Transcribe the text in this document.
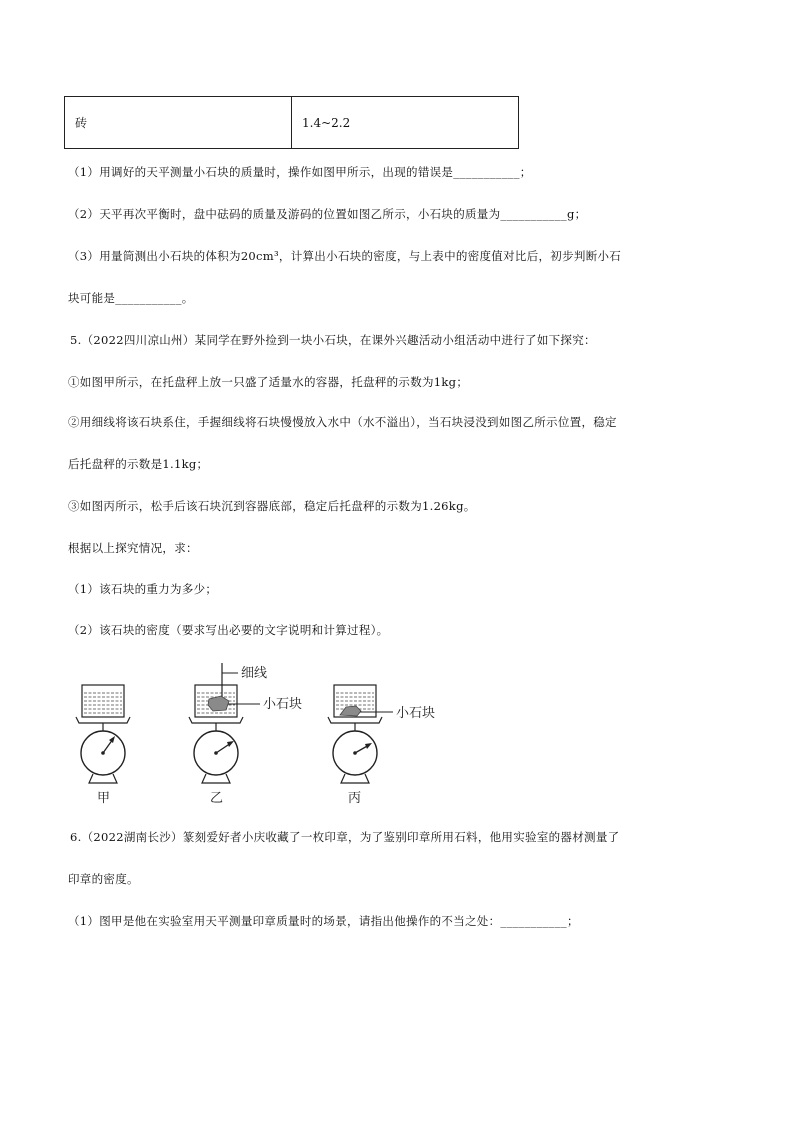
砖	1.4~2.2
（1）用调好的天平测量小石块的质量时，操作如图甲所示，出现的错误是___________；
（2）天平再次平衡时，盘中砝码的质量及游码的位置如图乙所示，小石块的质量为___________g；
（3）用量筒测出小石块的体积为20cm³，计算出小石块的密度，与上表中的密度值对比后，初步判断小石
块可能是___________。
5.（2022四川凉山州）某同学在野外捡到一块小石块，在课外兴趣活动小组活动中进行了如下探究：
①如图甲所示，在托盘秤上放一只盛了适量水的容器，托盘秤的示数为1kg；
②用细线将该石块系住，手握细线将石块慢慢放入水中（水不溢出），当石块浸没到如图乙所示位置，稳定
后托盘秤的示数是1.1kg；
③如图丙所示，松手后该石块沉到容器底部，稳定后托盘秤的示数为1.26kg。
根据以上探究情况，求：
（1）该石块的重力为多少；
（2）该石块的密度（要求写出必要的文字说明和计算过程）。
甲
细线
小石块
乙
小石块
丙
6.（2022湖南长沙）篆刻爱好者小庆收藏了一枚印章，为了鉴别印章所用石料，他用实验室的器材测量了
印章的密度。
（1）图甲是他在实验室用天平测量印章质量时的场景，请指出他操作的不当之处：___________；
